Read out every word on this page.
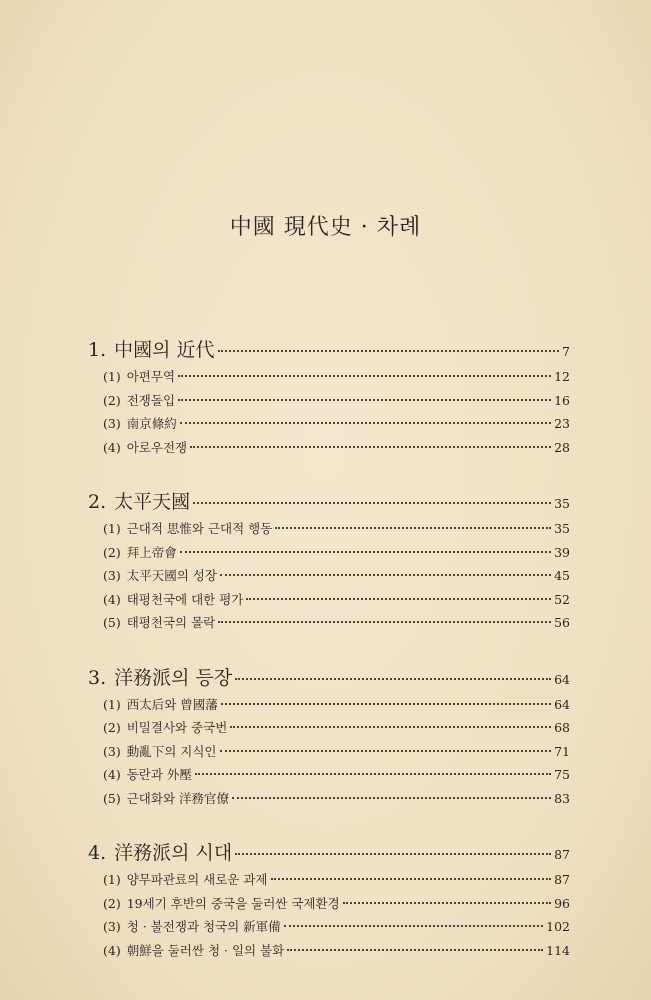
中國 現代史 · 차례
1. 中國의 近代	7
(1) 아편무역	12
(2) 전쟁돌입	16
(3) 南京條約	23
(4) 아로우전쟁	28
2. 太平天國	35
(1) 근대적 思惟와 근대적 행동	35
(2) 拜上帝會	39
(3) 太平天國의 성장	45
(4) 태평천국에 대한 평가	52
(5) 태평천국의 몰락	56
3. 洋務派의 등장	64
(1) 西太后와 曾國藩	64
(2) 비밀결사와 중국번	68
(3) 動亂下의 지식인	71
(4) 동란과 外壓	75
(5) 근대화와 洋務官僚	83
4. 洋務派의 시대	87
(1) 양무파관료의 새로운 과제	87
(2) 19세기 후반의 중국을 둘러싼 국제환경	96
(3) 청 · 불전쟁과 청국의 新軍備	102
(4) 朝鮮을 둘러싼 청 · 일의 불화	114
